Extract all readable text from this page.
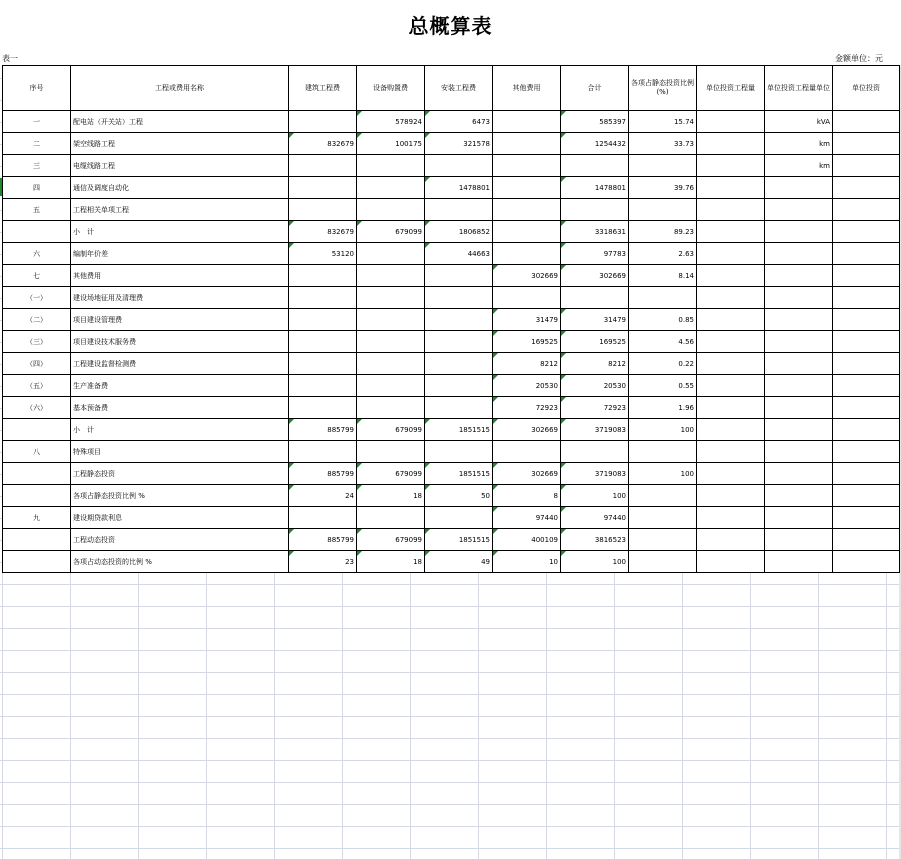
总概算表
表一	金额单位：元
序号	工程或费用名称	建筑工程费	设备购置费	安装工程费	其他费用	合计	各项占静态投资比例(%)	单位投资工程量	单位投资工程量单位	单位投资
一	配电站（开关站）工程		578924	6473		585397	15.74		kVA	
二	架空线路工程	832679	100175	321578		1254432	33.73		km	
三	电缆线路工程								km	
四	通信及调度自动化			1478801		1478801	39.76			
五	工程相关单项工程									
	小　计	832679	679099	1806852		3318631	89.23			
六	编制年价差	53120		44663		97783	2.63			
七	其他费用				302669	302669	8.14			
（一）	建设场地征用及清理费									
（二）	项目建设管理费				31479	31479	0.85			
（三）	项目建设技术服务费				169525	169525	4.56			
（四）	工程建设监督检测费				8212	8212	0.22			
（五）	生产准备费				20530	20530	0.55			
（六）	基本预备费				72923	72923	1.96			
	小　计	885799	679099	1851515	302669	3719083	100			
八	特殊项目									
	工程静态投资	885799	679099	1851515	302669	3719083	100			
	各项占静态投资比例 %	24	18	50	8	100

九	建设期贷款利息				97440	97440

	工程动态投资	885799	679099	1851515	400109	3816523

	各项占动态投资的比例 %	23	18	49	10	100
